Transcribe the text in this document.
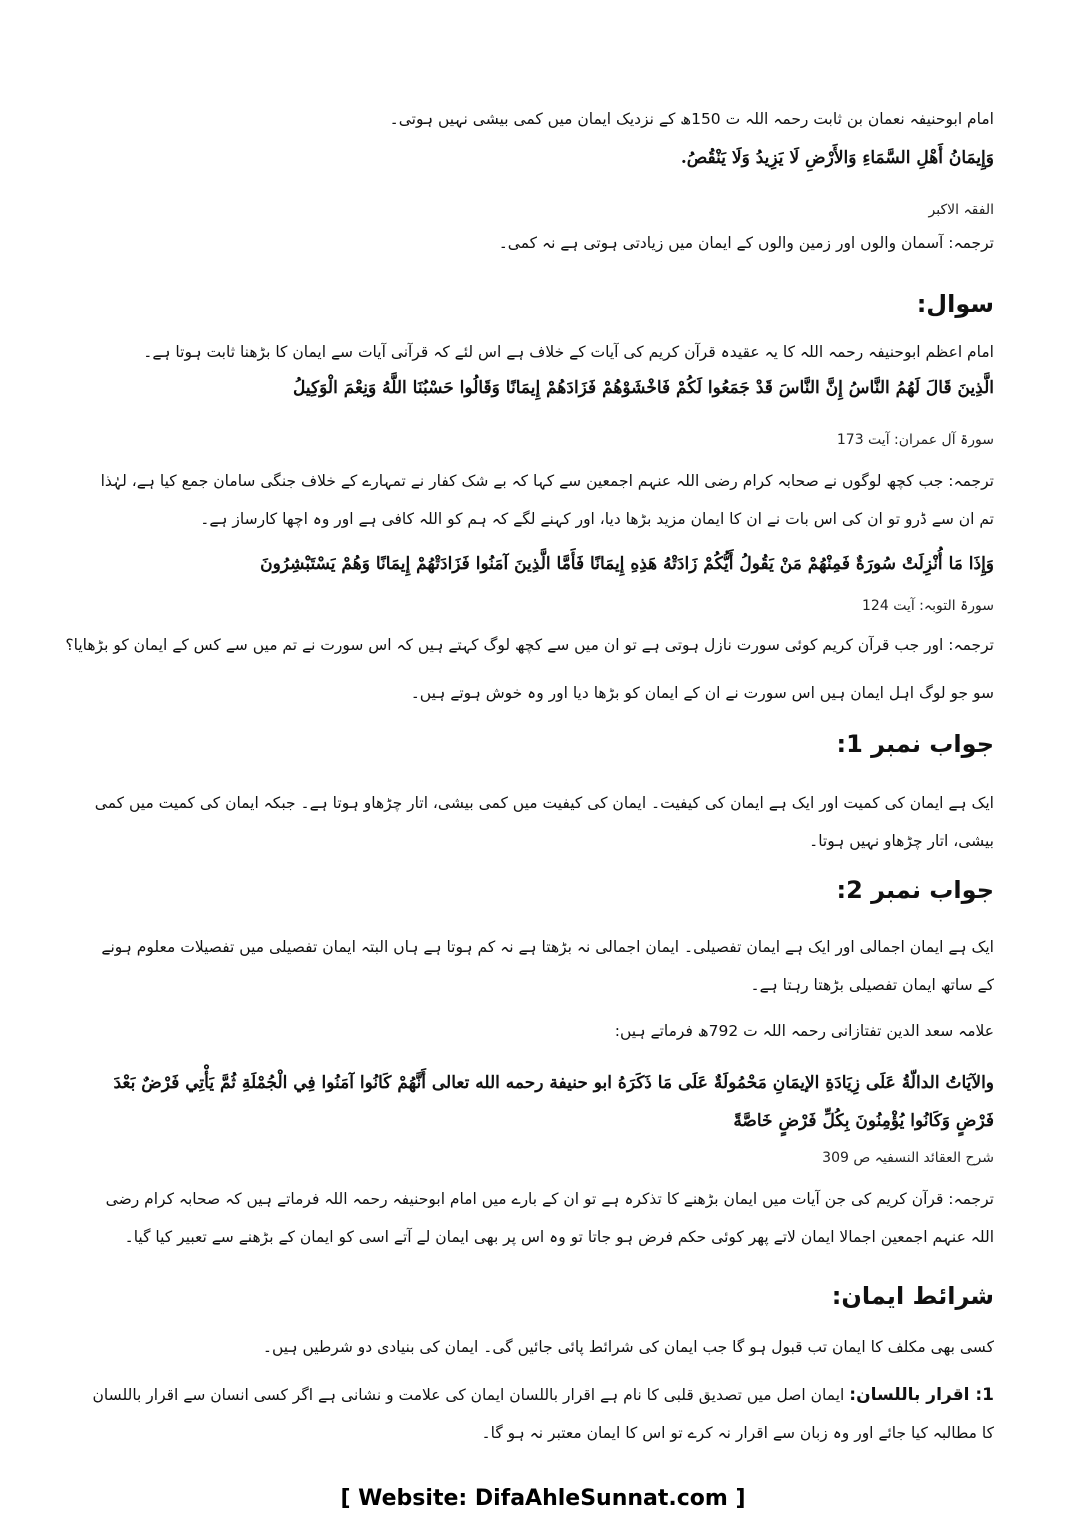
امام ابوحنیفہ نعمان بن ثابت رحمہ اللہ ت 150ھ کے نزدیک ایمان میں کمی بیشی نہیں ہوتی۔
وَإِيمَانُ أَهْلِ السَّمَاءِ وَالأَرْضِ لَا يَزِيدُ وَلَا يَنْقُصُ.
الفقہ الاکبر
ترجمہ: آسمان والوں اور زمین والوں کے ایمان میں زیادتی ہوتی ہے نہ کمی۔
سوال:
امام اعظم ابوحنیفہ رحمہ اللہ کا یہ عقیدہ قرآن کریم کی آیات کے خلاف ہے اس لئے کہ قرآنی آیات سے ایمان کا بڑھنا ثابت ہوتا ہے۔
الَّذِينَ قَالَ لَهُمُ النَّاسُ إِنَّ النَّاسَ قَدْ جَمَعُوا لَكُمْ فَاخْشَوْهُمْ فَزَادَهُمْ إِيمَانًا وَقَالُوا حَسْبُنَا اللَّهُ وَنِعْمَ الْوَكِيلُ
سورۃ آل عمران: آیت 173
ترجمہ: جب کچھ لوگوں نے صحابہ کرام رضی اللہ عنہم اجمعین سے کہا کہ بے شک کفار نے تمہارے کے خلاف جنگی سامان جمع کیا ہے، لہٰذا تم ان سے ڈرو تو ان کی اس بات نے ان کا ایمان مزید بڑھا دیا، اور کہنے لگے کہ ہم کو اللہ کافی ہے اور وہ اچھا کارساز ہے۔
وَإِذَا مَا أُنْزِلَتْ سُورَةٌ فَمِنْهُمْ مَنْ يَقُولُ أَيُّكُمْ زَادَتْهُ هَذِهِ إِيمَانًا فَأَمَّا الَّذِينَ آمَنُوا فَزَادَتْهُمْ إِيمَانًا وَهُمْ يَسْتَبْشِرُونَ
سورۃ التوبہ: آیت 124
ترجمہ: اور جب قرآن کریم کوئی سورت نازل ہوتی ہے تو ان میں سے کچھ لوگ کہتے ہیں کہ اس سورت نے تم میں سے کس کے ایمان کو بڑھایا؟
سو جو لوگ اہل ایمان ہیں اس سورت نے ان کے ایمان کو بڑھا دیا اور وہ خوش ہوتے ہیں۔
جواب نمبر 1:
ایک ہے ایمان کی کمیت اور ایک ہے ایمان کی کیفیت۔ ایمان کی کیفیت میں کمی بیشی، اتار چڑھاو ہوتا ہے۔ جبکہ ایمان کی کمیت میں کمی بیشی، اتار چڑھاو نہیں ہوتا۔
جواب نمبر 2:
ایک ہے ایمان اجمالی اور ایک ہے ایمان تفصیلی۔ ایمان اجمالی نہ بڑھتا ہے نہ کم ہوتا ہے ہاں البتہ ایمان تفصیلی میں تفصیلات معلوم ہونے کے ساتھ ایمان تفصیلی بڑھتا رہتا ہے۔
علامہ سعد الدین تفتازانی رحمہ اللہ ت 792ھ فرماتے ہیں:
والآيَاتُ الدالّةُ عَلَى زِيَادَةِ الإيمَانِ مَحْمُولَةٌ عَلَى مَا ذَكَرَهُ ابو حنيفة رحمه الله تعالى أَنَّهُمْ كَانُوا آمَنُوا فِي الْجُمْلَةِ ثُمَّ يَأْتِي فَرْضٌ بَعْدَ فَرْضٍ وَكَانُوا يُؤْمِنُونَ بِكُلِّ فَرْضٍ خَاصَّةً
شرح العقائد النسفیہ ص 309
ترجمہ: قرآن کریم کی جن آیات میں ایمان بڑھنے کا تذکرہ ہے تو ان کے بارے میں امام ابوحنیفہ رحمہ اللہ فرماتے ہیں کہ صحابہ کرام رضی اللہ عنہم اجمعین اجمالا ایمان لاتے پھر کوئی حکم فرض ہو جاتا تو وہ اس پر بھی ایمان لے آتے اسی کو ایمان کے بڑھنے سے تعبیر کیا گیا۔
شرائط ایمان:
کسی بھی مکلف کا ایمان تب قبول ہو گا جب ایمان کی شرائط پائی جائیں گی۔ ایمان کی بنیادی دو شرطیں ہیں۔
1: اقرار باللسان: ایمان اصل میں تصدیق قلبی کا نام ہے اقرار باللسان ایمان کی علامت و نشانی ہے اگر کسی انسان سے اقرار باللسان کا مطالبہ کیا جائے اور وہ زبان سے اقرار نہ کرے تو اس کا ایمان معتبر نہ ہو گا۔
[ Website: DifaAhleSunnat.com ]
